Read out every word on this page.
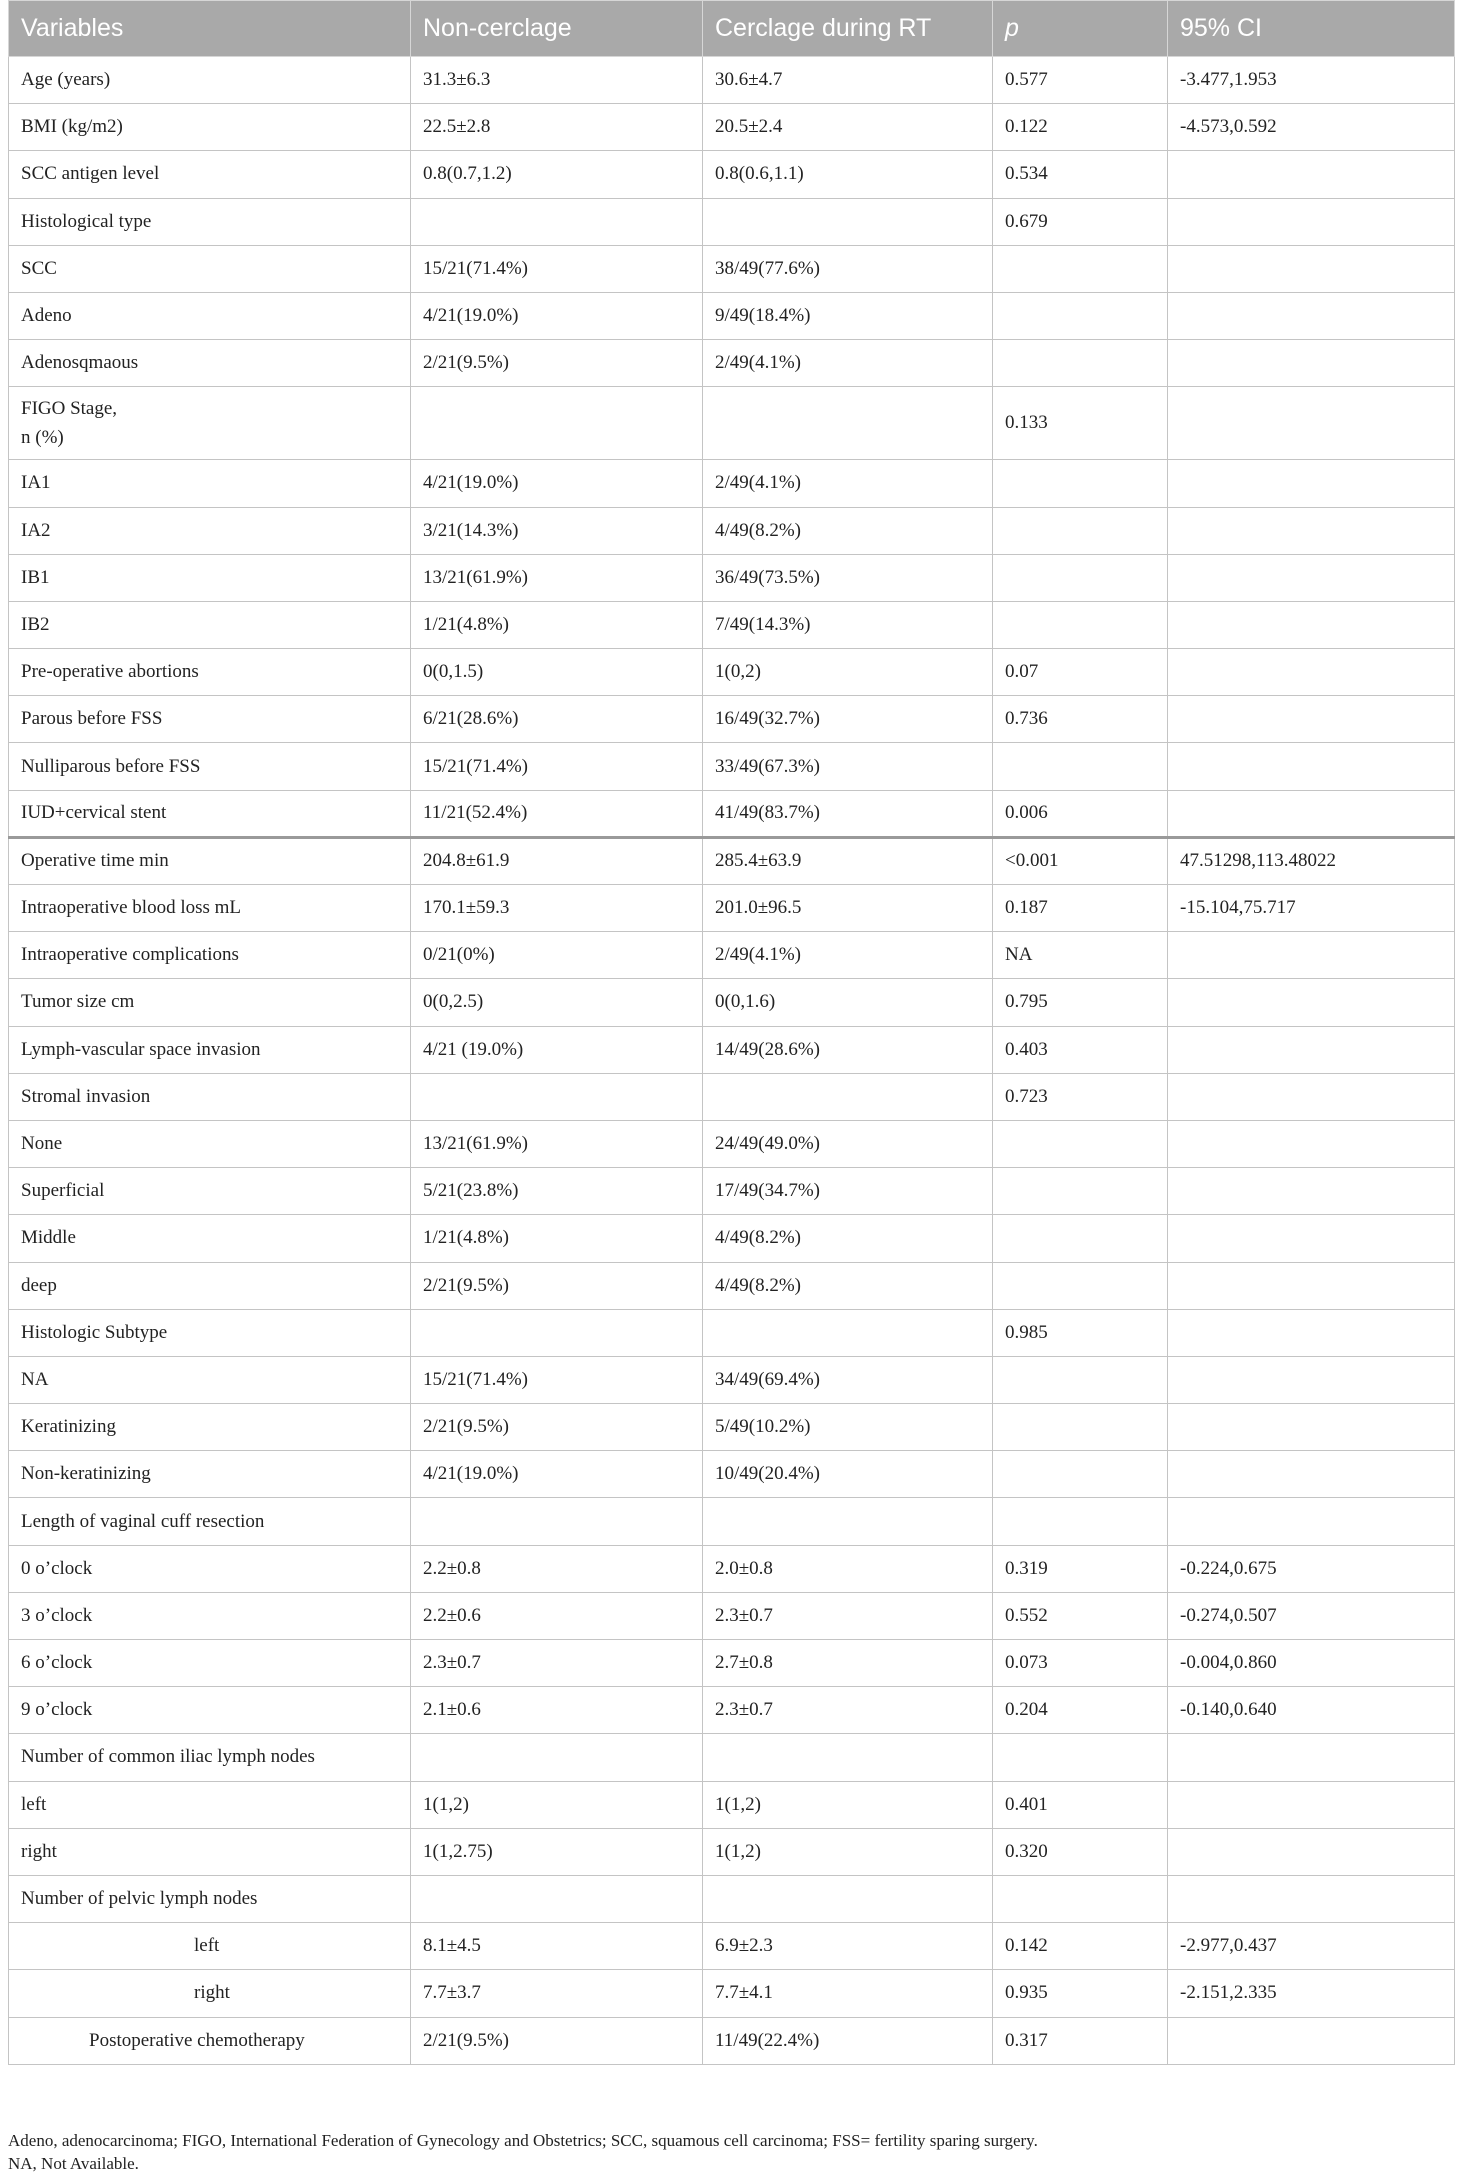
Variables	Non-cerclage	Cerclage during RT	p	95% CI
Age (years)	31.3±6.3	30.6±4.7	0.577	-3.477,1.953
BMI (kg/m2)	22.5±2.8	20.5±2.4	0.122	-4.573,0.592
SCC antigen level	0.8(0.7,1.2)	0.8(0.6,1.1)	0.534	
Histological type			0.679	
SCC	15/21(71.4%)	38/49(77.6%)		
Adeno	4/21(19.0%)	9/49(18.4%)		
Adenosqmaous	2/21(9.5%)	2/49(4.1%)		
FIGO Stage,
n (%)			0.133	
IA1	4/21(19.0%)	2/49(4.1%)		
IA2	3/21(14.3%)	4/49(8.2%)		
IB1	13/21(61.9%)	36/49(73.5%)		
IB2	1/21(4.8%)	7/49(14.3%)		
Pre-operative abortions	0(0,1.5)	1(0,2)	0.07	
Parous before FSS	6/21(28.6%)	16/49(32.7%)	0.736	
Nulliparous before FSS	15/21(71.4%)	33/49(67.3%)		
IUD+cervical stent	11/21(52.4%)	41/49(83.7%)	0.006	
Operative time min	204.8±61.9	285.4±63.9	<0.001	47.51298,113.48022
Intraoperative blood loss mL	170.1±59.3	201.0±96.5	0.187	-15.104,75.717
Intraoperative complications	0/21(0%)	2/49(4.1%)	NA	
Tumor size cm	0(0,2.5)	0(0,1.6)	0.795	
Lymph-vascular space invasion	4/21 (19.0%)	14/49(28.6%)	0.403	
Stromal invasion			0.723	
None	13/21(61.9%)	24/49(49.0%)		
Superficial	5/21(23.8%)	17/49(34.7%)		
Middle	1/21(4.8%)	4/49(8.2%)		
deep	2/21(9.5%)	4/49(8.2%)		
Histologic Subtype			0.985	
NA	15/21(71.4%)	34/49(69.4%)		
Keratinizing	2/21(9.5%)	5/49(10.2%)		
Non-keratinizing	4/21(19.0%)	10/49(20.4%)		
Length of vaginal cuff resection				
0 o’clock	2.2±0.8	2.0±0.8	0.319	-0.224,0.675
3 o’clock	2.2±0.6	2.3±0.7	0.552	-0.274,0.507
6 o’clock	2.3±0.7	2.7±0.8	0.073	-0.004,0.860
9 o’clock	2.1±0.6	2.3±0.7	0.204	-0.140,0.640
Number of common iliac lymph nodes				
left	1(1,2)	1(1,2)	0.401	
right	1(1,2.75)	1(1,2)	0.320	
Number of pelvic lymph nodes				
left	8.1±4.5	6.9±2.3	0.142	-2.977,0.437
right	7.7±3.7	7.7±4.1	0.935	-2.151,2.335
Postoperative chemotherapy	2/21(9.5%)	11/49(22.4%)	0.317	
Adeno, adenocarcinoma; FIGO, International Federation of Gynecology and Obstetrics; SCC, squamous cell carcinoma; FSS= fertility sparing surgery.
NA, Not Available.
